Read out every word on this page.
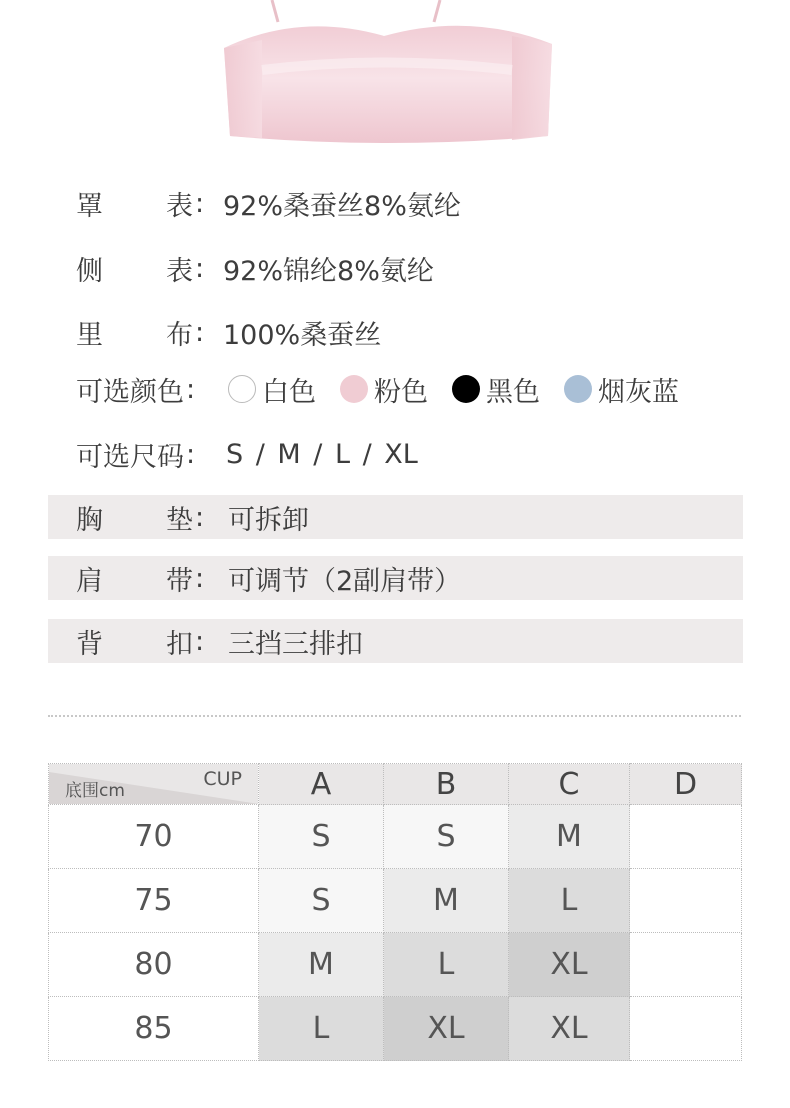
罩	表 : 92%桑蚕丝8%氨纶
侧	表 : 92%锦纶8%氨纶
里	布 : 100%桑蚕丝
可选颜色 : 白色 粉色 黑色 烟灰蓝
可选尺码 : S / M / L / XL
胸	垫 : 可拆卸
肩	带 : 可调节（2副肩带）
背	扣 : 三挡三排扣
CUP
底围cm	A	B	C	D
70	S	S	M	
75	S	M	L	
80	M	L	XL	
85	L	XL	XL	
